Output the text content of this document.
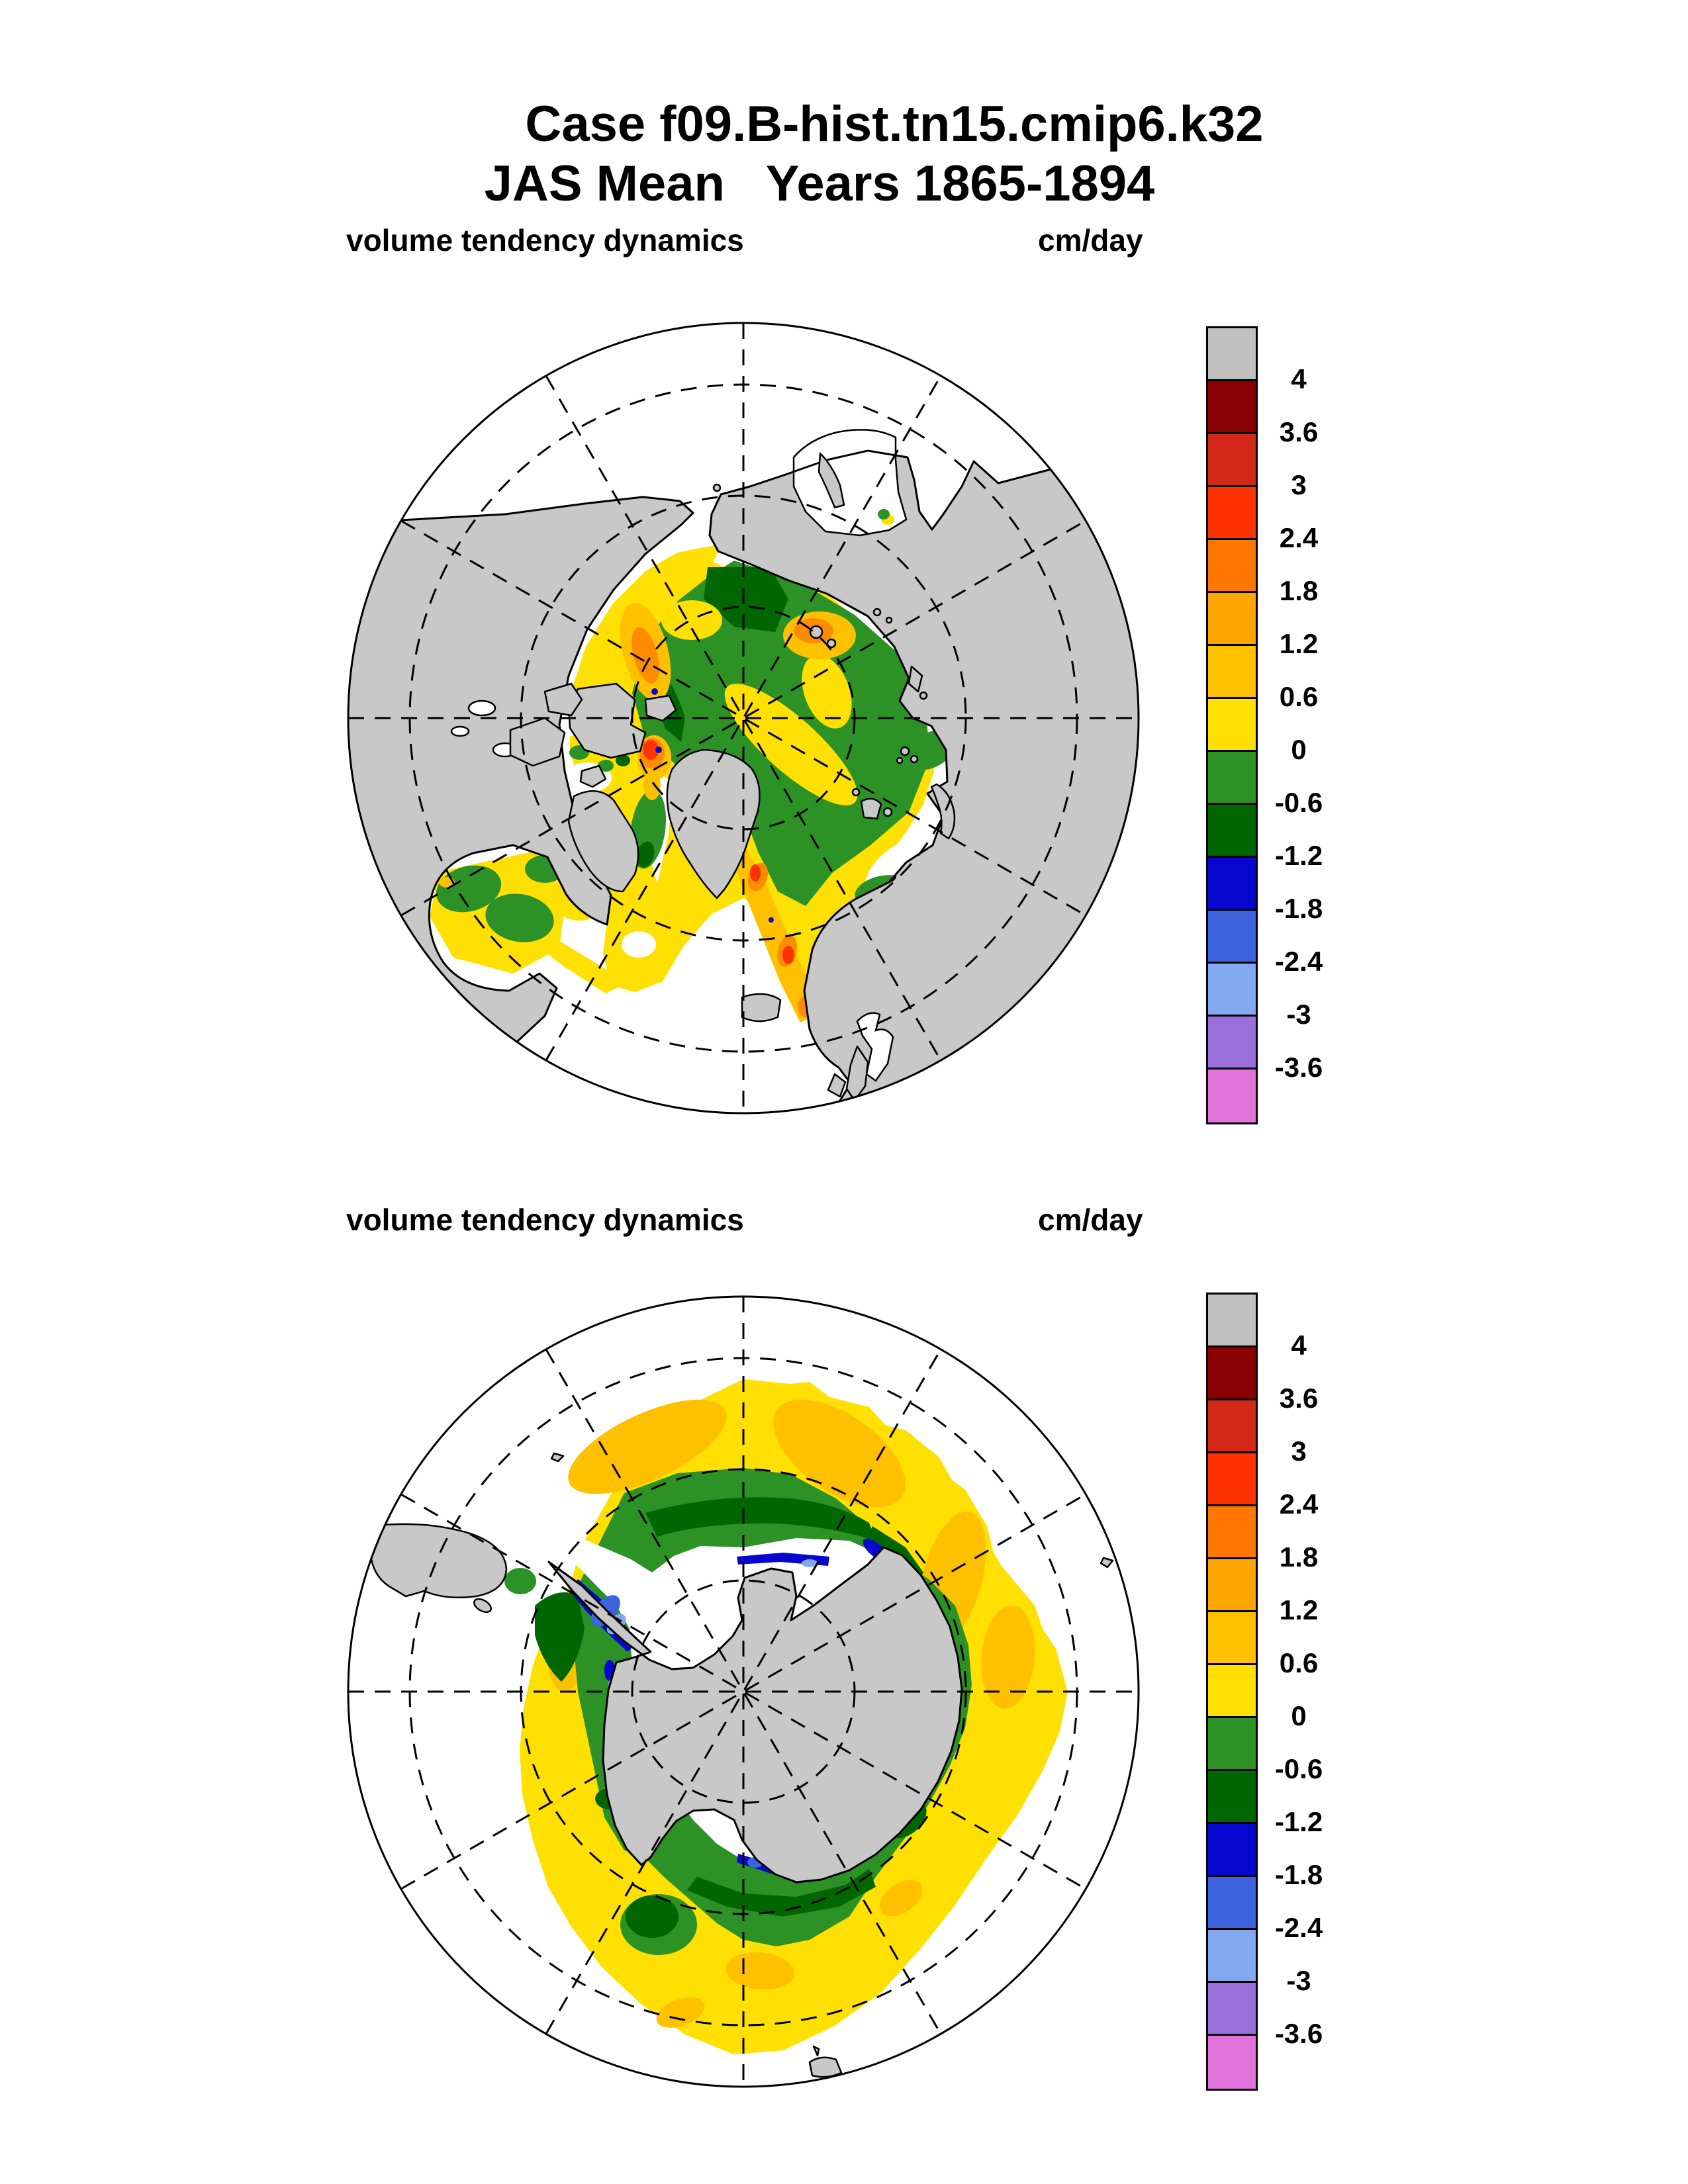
Case f09.B-hist.tn15.cmip6.k32
JAS Mean   Years 1865-1894
volume tendency dynamics	cm/day
volume tendency dynamics	cm/day
4
3.6
3
2.4
1.8
1.2
0.6
0
-0.6
-1.2
-1.8
-2.4
-3
-3.6
4
3.6
3
2.4
1.8
1.2
0.6
0
-0.6
-1.2
-1.8
-2.4
-3
-3.6
